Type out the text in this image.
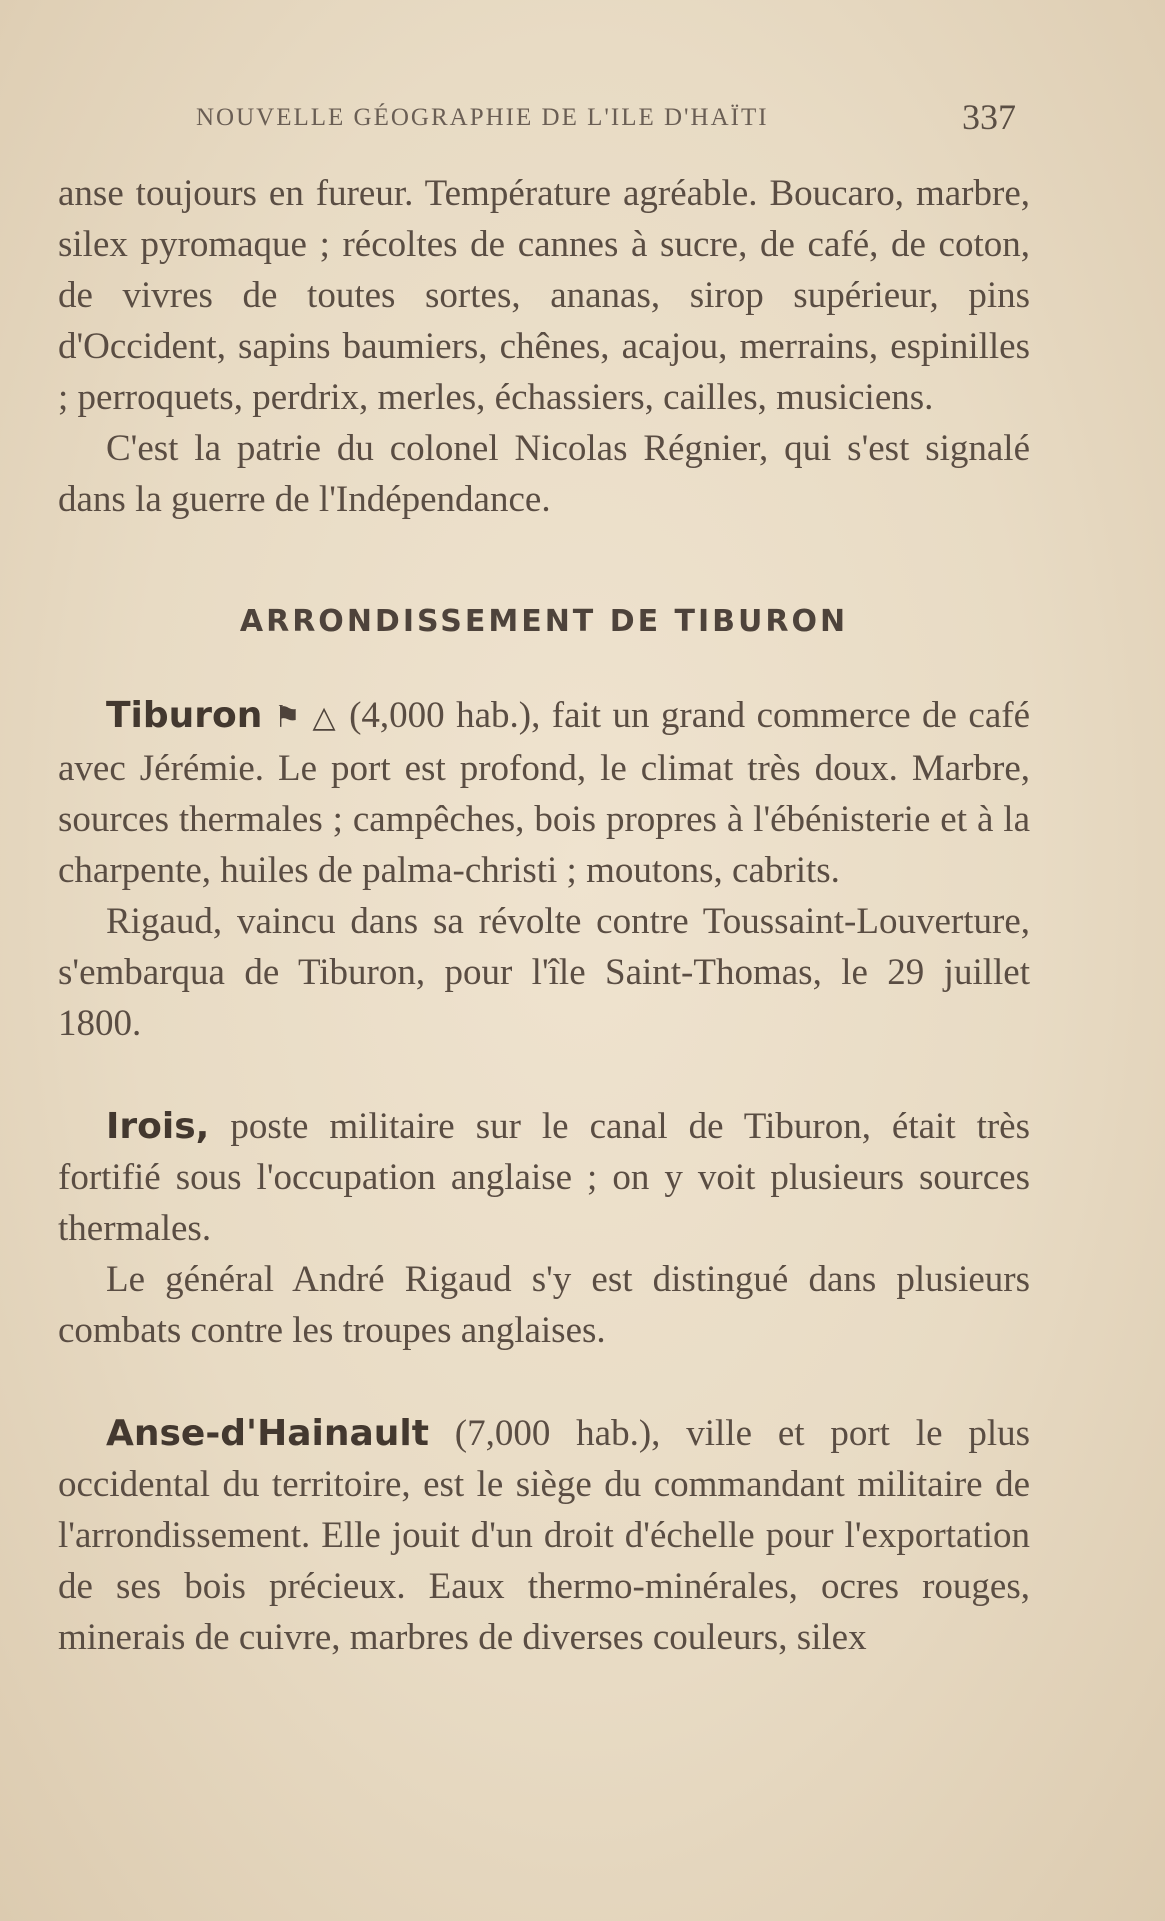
NOUVELLE GÉOGRAPHIE DE L'ILE D'HAÏTI	337

anse toujours en fureur. Température agréable. Boucaro, marbre, silex pyromaque ; récoltes de cannes à sucre, de café, de coton, de vivres de toutes sortes, ananas, sirop supérieur, pins d'Occident, sapins baumiers, chênes, acajou, merrains, espinilles ; perroquets, perdrix, merles, échassiers, cailles, musiciens.

C'est la patrie du colonel Nicolas Régnier, qui s'est signalé dans la guerre de l'Indépendance.

ARRONDISSEMENT DE TIBURON

Tiburon ⚑ △ (4,000 hab.), fait un grand commerce de café avec Jérémie. Le port est profond, le climat très doux. Marbre, sources thermales ; campêches, bois propres à l'ébénisterie et à la charpente, huiles de palma-christi ; moutons, cabrits.

Rigaud, vaincu dans sa révolte contre Toussaint-Louverture, s'embarqua de Tiburon, pour l'île Saint-Thomas, le 29 juillet 1800.

Irois, poste militaire sur le canal de Tiburon, était très fortifié sous l'occupation anglaise ; on y voit plusieurs sources thermales.

Le général André Rigaud s'y est distingué dans plusieurs combats contre les troupes anglaises.

Anse-d'Hainault (7,000 hab.), ville et port le plus occidental du territoire, est le siège du commandant militaire de l'arrondissement. Elle jouit d'un droit d'échelle pour l'exportation de ses bois précieux. Eaux thermo-minérales, ocres rouges, minerais de cuivre, marbres de diverses couleurs, silex
